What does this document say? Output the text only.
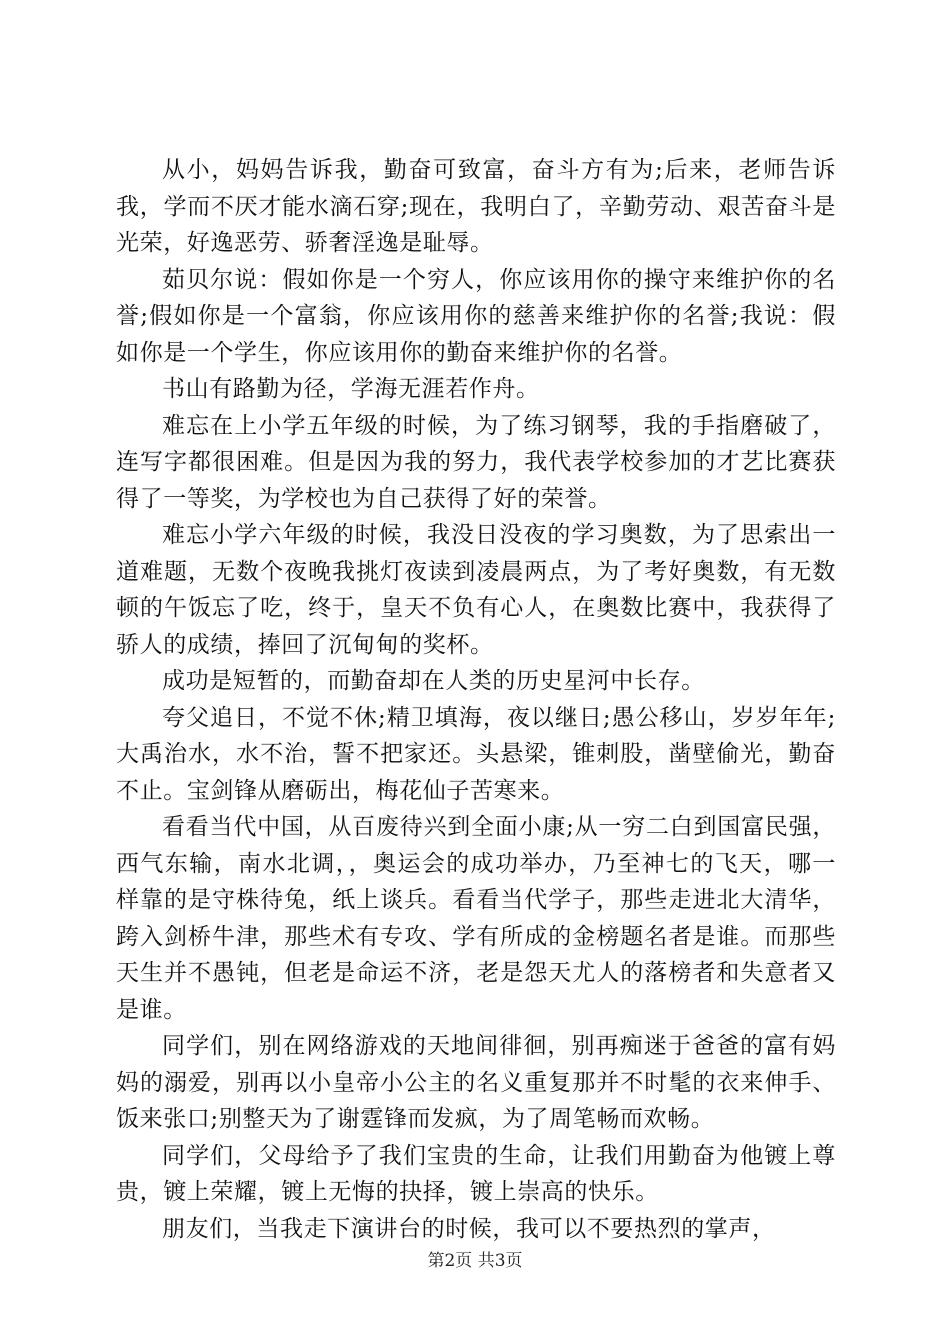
从小，妈妈告诉我，勤奋可致富，奋斗方有为;后来，老师告诉我，学而不厌才能水滴石穿;现在，我明白了，辛勤劳动、艰苦奋斗是光荣，好逸恶劳、骄奢淫逸是耻辱。

茹贝尔说：假如你是一个穷人，你应该用你的操守来维护你的名誉;假如你是一个富翁，你应该用你的慈善来维护你的名誉;我说：假如你是一个学生，你应该用你的勤奋来维护你的名誉。

书山有路勤为径，学海无涯若作舟。

难忘在上小学五年级的时候，为了练习钢琴，我的手指磨破了，连写字都很困难。但是因为我的努力，我代表学校参加的才艺比赛获得了一等奖，为学校也为自己获得了好的荣誉。

难忘小学六年级的时候，我没日没夜的学习奥数，为了思索出一道难题，无数个夜晚我挑灯夜读到凌晨两点，为了考好奥数，有无数顿的午饭忘了吃，终于，皇天不负有心人，在奥数比赛中，我获得了骄人的成绩，捧回了沉甸甸的奖杯。

成功是短暂的，而勤奋却在人类的历史星河中长存。

夸父追日，不觉不休;精卫填海，夜以继日;愚公移山，岁岁年年;大禹治水，水不治，誓不把家还。头悬梁，锥刺股，凿壁偷光，勤奋不止。宝剑锋从磨砺出，梅花仙子苦寒来。

看看当代中国，从百废待兴到全面小康;从一穷二白到国富民强，西气东输，南水北调，，奥运会的成功举办，乃至神七的飞天，哪一样靠的是守株待兔，纸上谈兵。看看当代学子，那些走进北大清华，跨入剑桥牛津，那些术有专攻、学有所成的金榜题名者是谁。而那些天生并不愚钝，但老是命运不济，老是怨天尤人的落榜者和失意者又是谁。

同学们，别在网络游戏的天地间徘徊，别再痴迷于爸爸的富有妈妈的溺爱，别再以小皇帝小公主的名义重复那并不时髦的衣来伸手、饭来张口;别整天为了谢霆锋而发疯，为了周笔畅而欢畅。

同学们，父母给予了我们宝贵的生命，让我们用勤奋为他镀上尊贵，镀上荣耀，镀上无悔的抉择，镀上崇高的快乐。

朋友们，当我走下演讲台的时候，我可以不要热烈的掌声，

第2页 共3页
